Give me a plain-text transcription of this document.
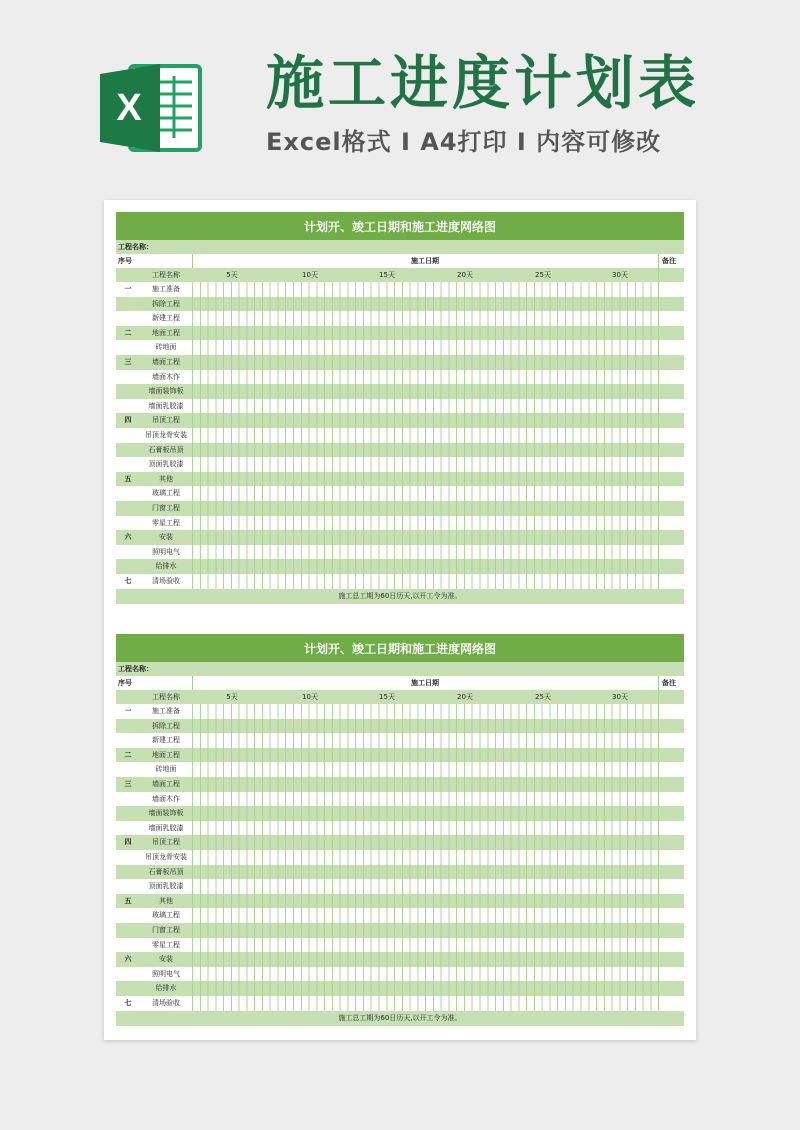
X 施工进度计划表
Excel格式 I A4打印 I 内容可修改
计划开、竣工日期和施工进度网络图
工程名称：
序号	施工日期	备注
工程名称	5天	10天	15天	20天	25天	30天
一	施工准备
拆除工程
新建工程
二	地面工程
砖地面
三	墙面工程
墙面木作
墙面装饰板
墙面乳胶漆
四	吊顶工程
吊顶龙骨安装
石膏板吊顶
顶面乳胶漆
五	其他
玻璃工程
门窗工程
零星工程
六	安装
照明电气
给排水
七	清场验收
施工总工期为60日历天,以开工令为准。
计划开、竣工日期和施工进度网络图
工程名称：
序号	施工日期	备注
工程名称	5天	10天	15天	20天	25天	30天
一	施工准备
拆除工程
新建工程
二	地面工程
砖地面
三	墙面工程
墙面木作
墙面装饰板
墙面乳胶漆
四	吊顶工程
吊顶龙骨安装
石膏板吊顶
顶面乳胶漆
五	其他
玻璃工程
门窗工程
零星工程
六	安装
照明电气
给排水
七	清场验收
施工总工期为60日历天,以开工令为准。
